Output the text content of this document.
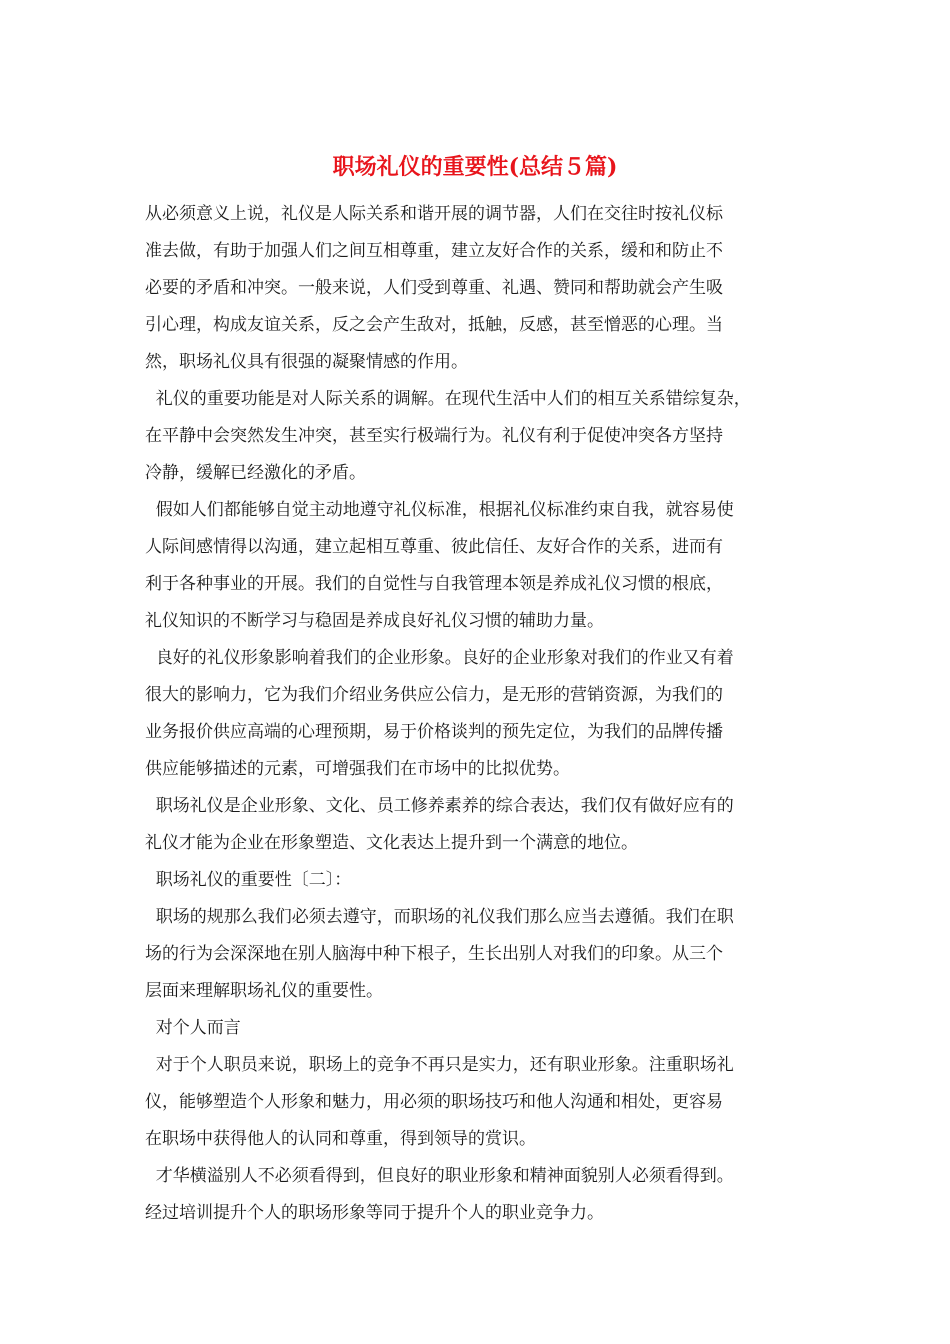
职场礼仪的重要性(总结５篇)
从必须意义上说，礼仪是人际关系和谐开展的调节器，人们在交往时按礼仪标
准去做，有助于加强人们之间互相尊重，建立友好合作的关系，缓和和防止不
必要的矛盾和冲突。一般来说，人们受到尊重、礼遇、赞同和帮助就会产生吸
引心理，构成友谊关系，反之会产生敌对，抵触，反感，甚至憎恶的心理。当
然，职场礼仪具有很强的凝聚情感的作用。
礼仪的重要功能是对人际关系的调解。在现代生活中人们的相互关系错综复杂，
在平静中会突然发生冲突，甚至实行极端行为。礼仪有利于促使冲突各方坚持
冷静，缓解已经激化的矛盾。
假如人们都能够自觉主动地遵守礼仪标准，根据礼仪标准约束自我，就容易使
人际间感情得以沟通，建立起相互尊重、彼此信任、友好合作的关系，进而有
利于各种事业的开展。我们的自觉性与自我管理本领是养成礼仪习惯的根底，
礼仪知识的不断学习与稳固是养成良好礼仪习惯的辅助力量。
良好的礼仪形象影响着我们的企业形象。良好的企业形象对我们的作业又有着
很大的影响力，它为我们介绍业务供应公信力，是无形的营销资源，为我们的
业务报价供应高端的心理预期，易于价格谈判的预先定位，为我们的品牌传播
供应能够描述的元素，可增强我们在市场中的比拟优势。
职场礼仪是企业形象、文化、员工修养素养的综合表达，我们仅有做好应有的
礼仪才能为企业在形象塑造、文化表达上提升到一个满意的地位。
职场礼仪的重要性〔二〕：
职场的规那么我们必须去遵守，而职场的礼仪我们那么应当去遵循。我们在职
场的行为会深深地在别人脑海中种下根子，生长出别人对我们的印象。从三个
层面来理解职场礼仪的重要性。
对个人而言
对于个人职员来说，职场上的竞争不再只是实力，还有职业形象。注重职场礼
仪，能够塑造个人形象和魅力，用必须的职场技巧和他人沟通和相处，更容易
在职场中获得他人的认同和尊重，得到领导的赏识。
才华横溢别人不必须看得到，但良好的职业形象和精神面貌别人必须看得到。
经过培训提升个人的职场形象等同于提升个人的职业竞争力。
